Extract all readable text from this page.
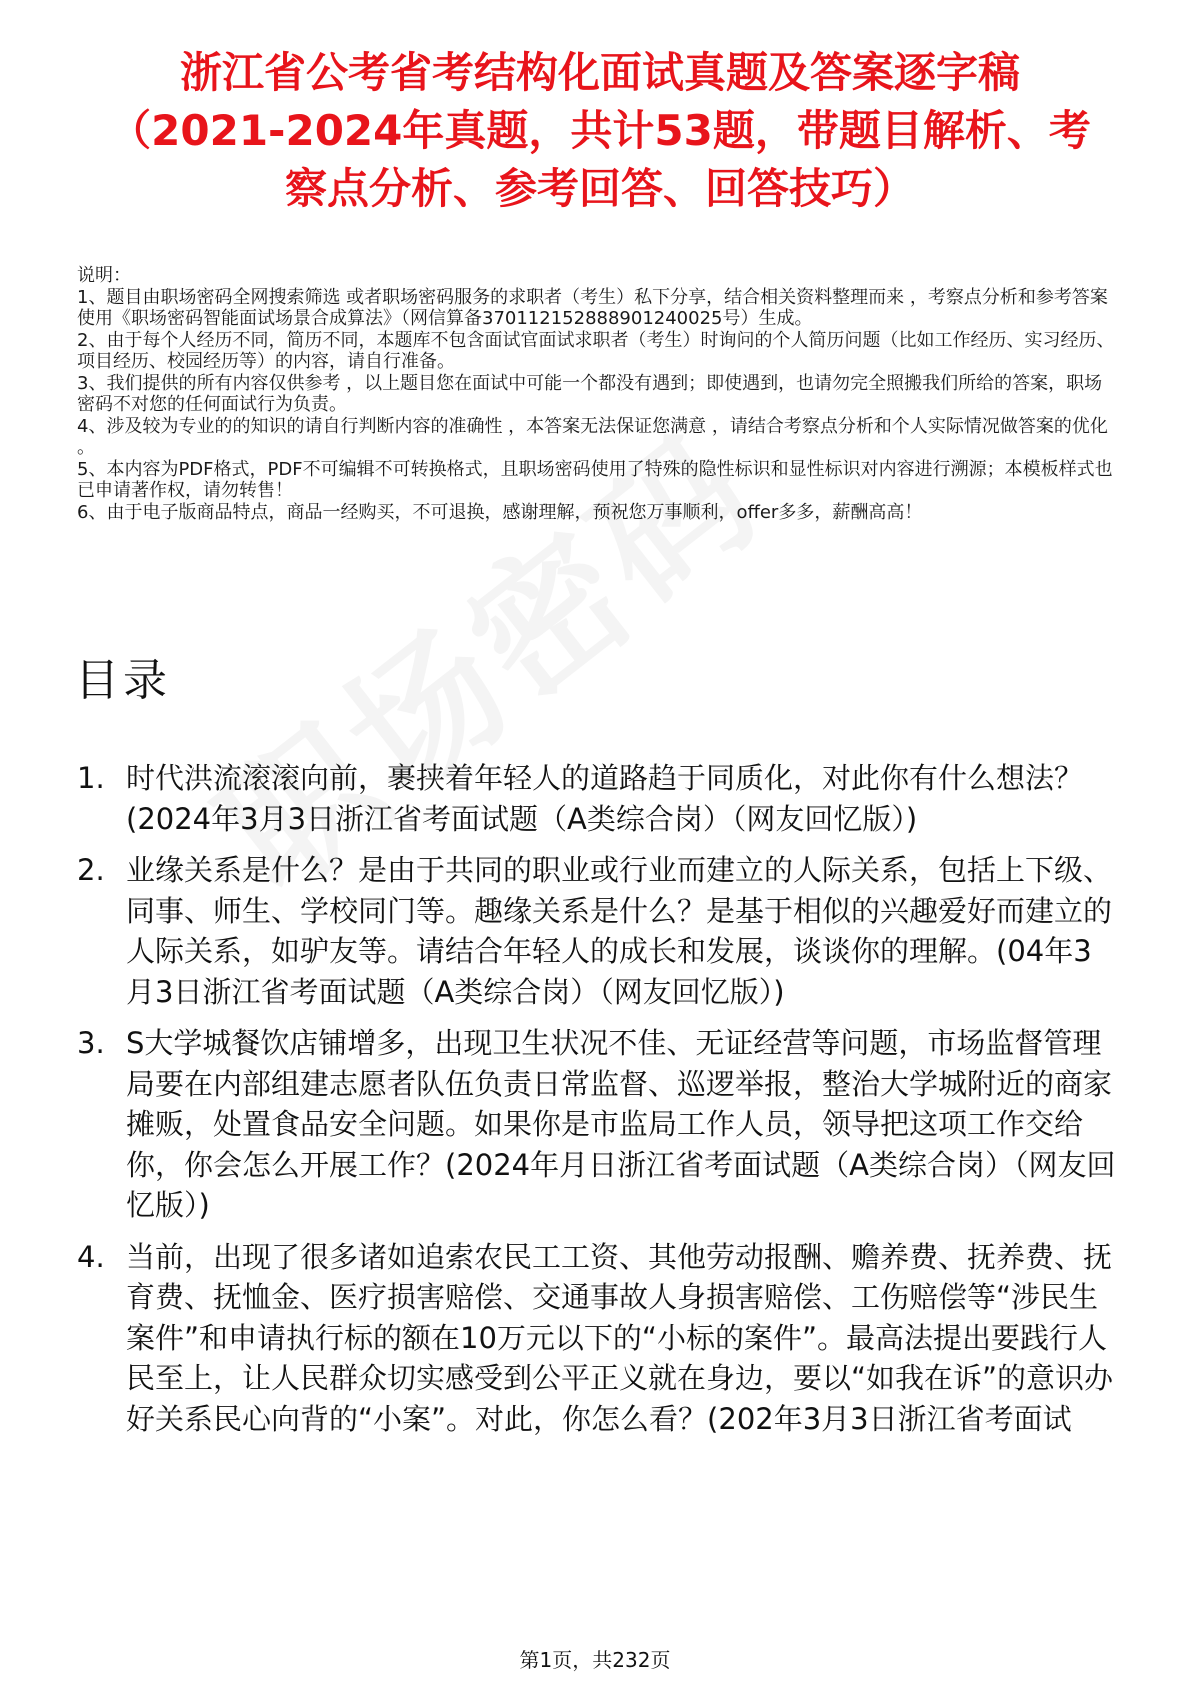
浙江省公考省考结构化面试真题及答案逐字稿（2021-2024年真题，共计53题，带题目解析、考察点分析、参考回答、回答技巧）

说明：

1、题目由职场密码全网搜索筛选 或者职场密码服务的求职者（考生）私下分享，结合相关资料整理而来 ，考察点分析和参考答案使用《职场密码智能面试场景合成算法》（网信算备370112152888901240025号）生成。

2、由于每个人经历不同，简历不同，本题库不包含面试官面试求职者（考生）时询问的个人简历问题（比如工作经历、实习经历、项目经历、校园经历等）的内容，请自行准备。

3、我们提供的所有内容仅供参考 ，以上题目您在面试中可能一个都没有遇到；即使遇到，也请勿完全照搬我们所给的答案，职场密码不对您的任何面试行为负责。

4、涉及较为专业的的知识的请自行判断内容的准确性 ，本答案无法保证您满意 ，请结合考察点分析和个人实际情况做答案的优化 。

5、本内容为PDF格式，PDF不可编辑不可转换格式，且职场密码使用了特殊的隐性标识和显性标识对内容进行溯源；本模板样式也已申请著作权，请勿转售！

6、由于电子版商品特点，商品一经购买，不可退换，感谢理解，预祝您万事顺利，offer多多，薪酬高高！

目录
1. 时代洪流滚滚向前，裹挟着年轻人的道路趋于同质化，对此你有什么想法？(2024年3月3日浙江省考面试题（A类综合岗）（网友回忆版）)
2. 业缘关系是什么？是由于共同的职业或行业而建立的人际关系，包括上下级、同事、师生、学校同门等。趣缘关系是什么？是基于相似的兴趣爱好而建立的人际关系，如驴友等。请结合年轻人的成长和发展，谈谈你的理解。(04年3月3日浙江省考面试题（A类综合岗）（网友回忆版）)
3. S大学城餐饮店铺增多，出现卫生状况不佳、无证经营等问题，市场监督管理局要在内部组建志愿者队伍负责日常监督、巡逻举报，整治大学城附近的商家摊贩，处置食品安全问题。如果你是市监局工作人员，领导把这项工作交给你，你会怎么开展工作？(2024年月日浙江省考面试题（A类综合岗）（网友回忆版）)
4. 当前，出现了很多诸如追索农民工工资、其他劳动报酬、赡养费、抚养费、抚育费、抚恤金、医疗损害赔偿、交通事故人身损害赔偿、工伤赔偿等“涉民生案件”和申请执行标的额在10万元以下的“小标的案件”。最高法提出要践行人民至上，让人民群众切实感受到公平正义就在身边，要以“如我在诉”的意识办好关系民心向背的“小案”。对此，你怎么看？(202年3月3日浙江省考面试
第1页，共232页
